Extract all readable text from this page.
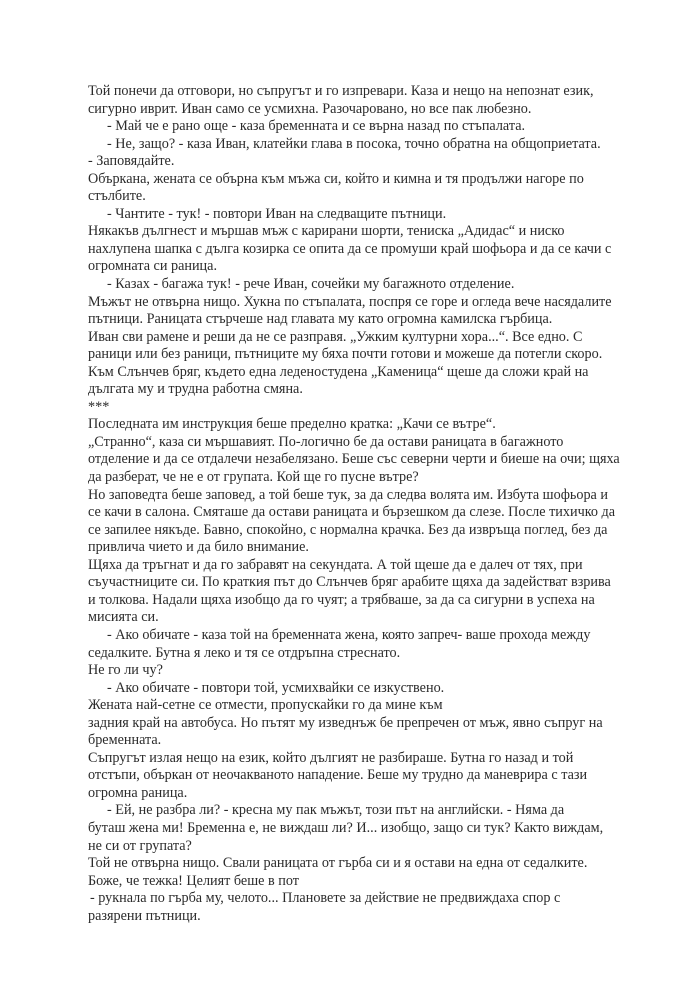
Той понечи да отговори, но съпругът и го изпревари. Каза и нещо на непознат език,
сигурно иврит. Иван само се усмихна. Разочаровано, но все пак любезно.
- Май че е рано още - каза бременната и се върна назад по стъпалата.
- Не, защо? - каза Иван, клатейки глава в посока, точно обратна на общоприетата.
- Заповядайте.
Объркана, жената се обърна към мъжа си, който и кимна и тя продължи нагоре по
стълбите.
- Чантите - тук! - повтори Иван на следващите пътници.
Някакъв дългнест и мършав мъж с карирани шорти, тениска „Адидас“ и ниско
нахлупена шапка с дълга козирка се опита да се промуши край шофьора и да се качи с
огромната си раница.
- Казах - багажа тук! - рече Иван, сочейки му багажното отделение.
Мъжът не отвърна нищо. Хукна по стъпалата, поспря се горе и огледа вече насядалите
пътници. Раницата стърчеше над главата му като огромна камилска гърбица.
Иван сви рамене и реши да не се разправя. „Ужким културни хора...“. Все едно. С
раници или без раници, пътниците му бяха почти готови и можеше да потегли скоро.
Към Слънчев бряг, където една леденостудена „Каменица“ щеше да сложи край на
дългата му и трудна работна смяна.
***
Последната им инструкция беше пределно кратка: „Качи се вътре“.
„Странно“, каза си мършавият. По-логично бе да остави раницата в багажното
отделение и да се отдалечи незабелязано. Беше със северни черти и биеше на очи; щяха
да разберат, че не е от групата. Кой ще го пусне вътре?
Но заповедта беше заповед, а той беше тук, за да следва волята им. Избута шофьора и
се качи в салона. Смяташе да остави раницата и бързешком да слезе. После тихичко да
се запилее някъде. Бавно, спокойно, с нормална крачка. Без да извръща поглед, без да
привлича чието и да било внимание.
Щяха да тръгнат и да го забравят на секундата. А той щеше да е далеч от тях, при
съучастниците си. По краткия път до Слънчев бряг арабите щяха да задействат взрива
и толкова. Надали щяха изобщо да го чуят; а трябваше, за да са сигурни в успеха на
мисията си.
- Ако обичате - каза той на бременната жена, която запреч- ваше прохода между
седалките. Бутна я леко и тя се отдръпна стреснато.
Не го ли чу?
- Ако обичате - повтори той, усмихвайки се изкуствено.
Жената най-сетне се отмести, пропускайки го да мине към
задния край на автобуса. Но пътят му изведнъж бе препречен от мъж, явно съпруг на
бременната.
Съпругът излая нещо на език, който дългият не разбираше. Бутна го назад и той
отстъпи, объркан от неочакваното нападение. Беше му трудно да маневрира с тази
огромна раница.
- Ей, не разбра ли? - кресна му пак мъжът, този път на английски. - Няма да
буташ жена ми! Бременна е, не виждаш ли? И... изобщо, защо си тук? Както виждам,
не си от групата?
Той не отвърна нищо. Свали раницата от гърба си и я остави на една от седалките.
Боже, че тежка! Целият беше в пот
- рукнала по гърба му, челото... Плановете за действие не предвиждаха спор с
разярени пътници.
